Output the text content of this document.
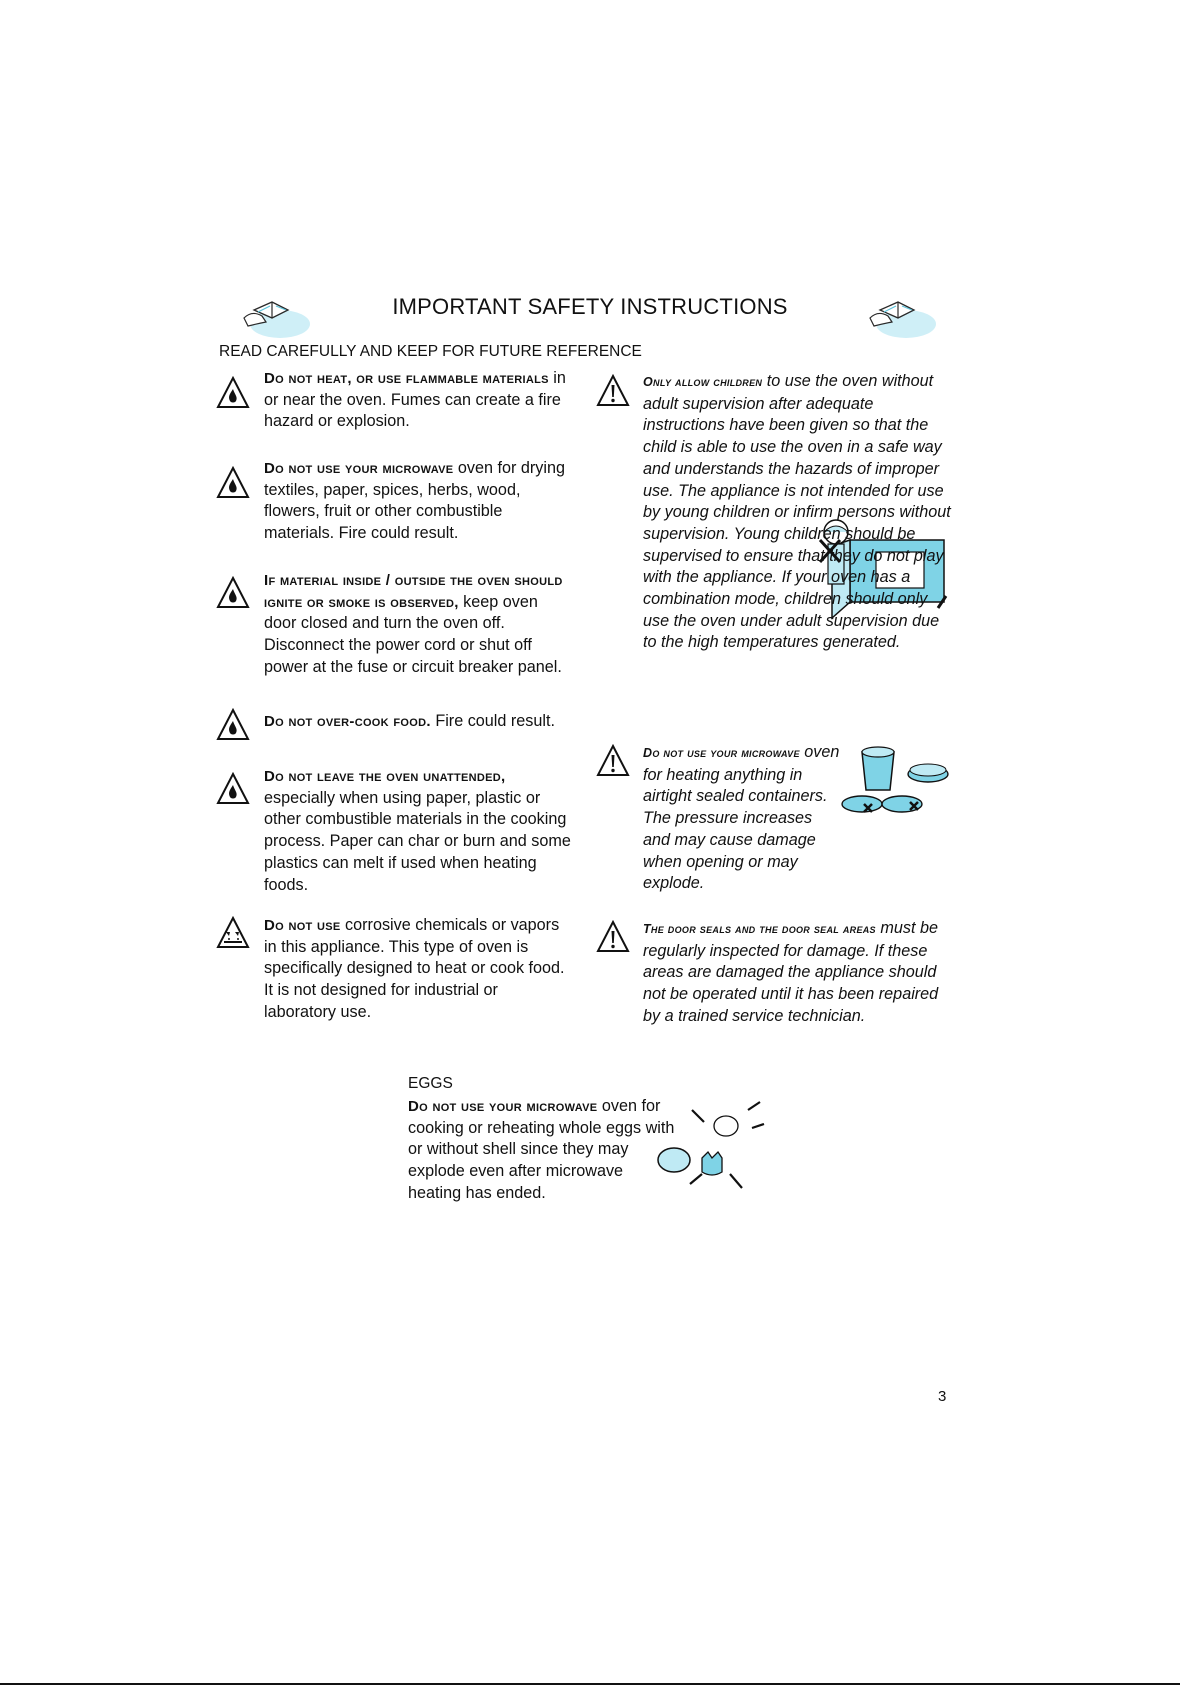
IMPORTANT SAFETY INSTRUCTIONS
READ CAREFULLY AND KEEP FOR FUTURE REFERENCE
Do not heat, or use flammable materials in or near the oven. Fumes can create a fire hazard or explosion.
Do not use your microwave oven for drying textiles, paper, spices, herbs, wood, flowers, fruit or other combustible materials. Fire could result.
If material inside / outside the oven should ignite or smoke is observed, keep oven door closed and turn the oven off. Disconnect the power cord or shut off power at the fuse or circuit breaker panel.
Do not over-cook food. Fire could result.
Do not leave the oven unattended, especially when using paper, plastic or other combustible materials in the cooking process. Paper can char or burn and some plastics can melt if used when heating foods.
Do not use corrosive chemicals or vapors in this appliance. This type of oven is specifically designed to heat or cook food. It is not designed for industrial or laboratory use.
Only allow children to use the oven without adult supervision after adequate instructions have been given so that the child is able to use the oven in a safe way and understands the hazards of improper use. The appliance is not intended for use by young children or infirm persons without supervision. Young children should be supervised to ensure that they do not play with the appliance. If your oven has a combination mode, children should only use the oven under adult supervision due to the high temperatures generated.
Do not use your microwave oven for heating anything in airtight sealed containers. The pressure increases and may cause damage when opening or may explode.
The door seals and the door seal areas must be regularly inspected for damage. If these areas are damaged the appliance should not be operated until it has been repaired by a trained service technician.
EGGS
Do not use your microwave oven for cooking or reheating whole eggs with or without shell since they may explode even after microwave heating has ended.
3
